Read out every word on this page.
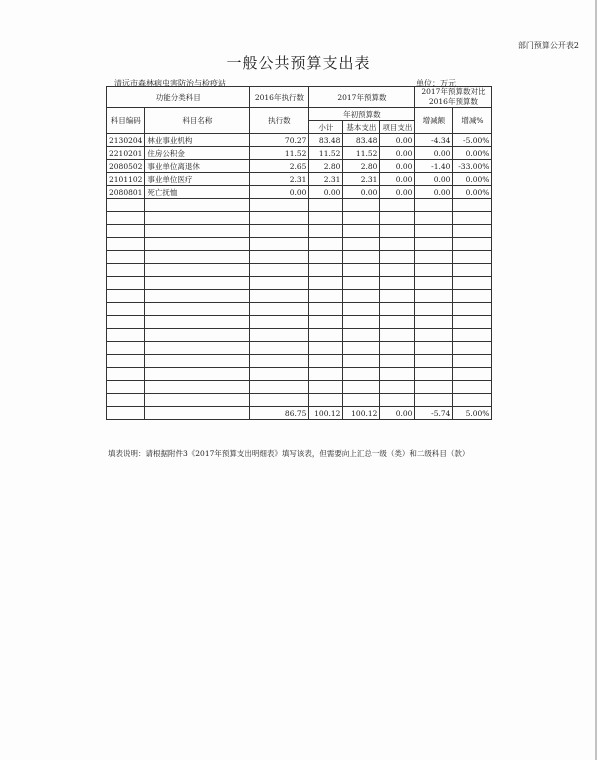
部门预算公开表2
一般公共预算支出表
清远市森林病虫害防治与检疫站	单位：万元
功能分类科目		2016年执行数	2017年预算数			2017年预算数对比2016年预算数	

科目编码	科目名称	执行数	年初预算数			增减额	增减%
			小计	基本支出	项目支出		
2130204	林业事业机构	70.27	83.48	83.48	0.00	-4.34	-5.00%
2210201	住房公积金	11.52	11.52	11.52	0.00	0.00	0.00%
2080502	事业单位离退休	2.65	2.80	2.80	0.00	-1.40	-33.00%
2101102	事业单位医疗	2.31	2.31	2.31	0.00	0.00	0.00%
2080801	死亡抚恤	0.00	0.00	0.00	0.00	0.00	0.00%

		86.75	100.12	100.12	0.00	-5.74	5.00%
填表说明：请根据附件3《2017年预算支出明细表》填写该表，但需要向上汇总一级（类）和二级科目（款）
